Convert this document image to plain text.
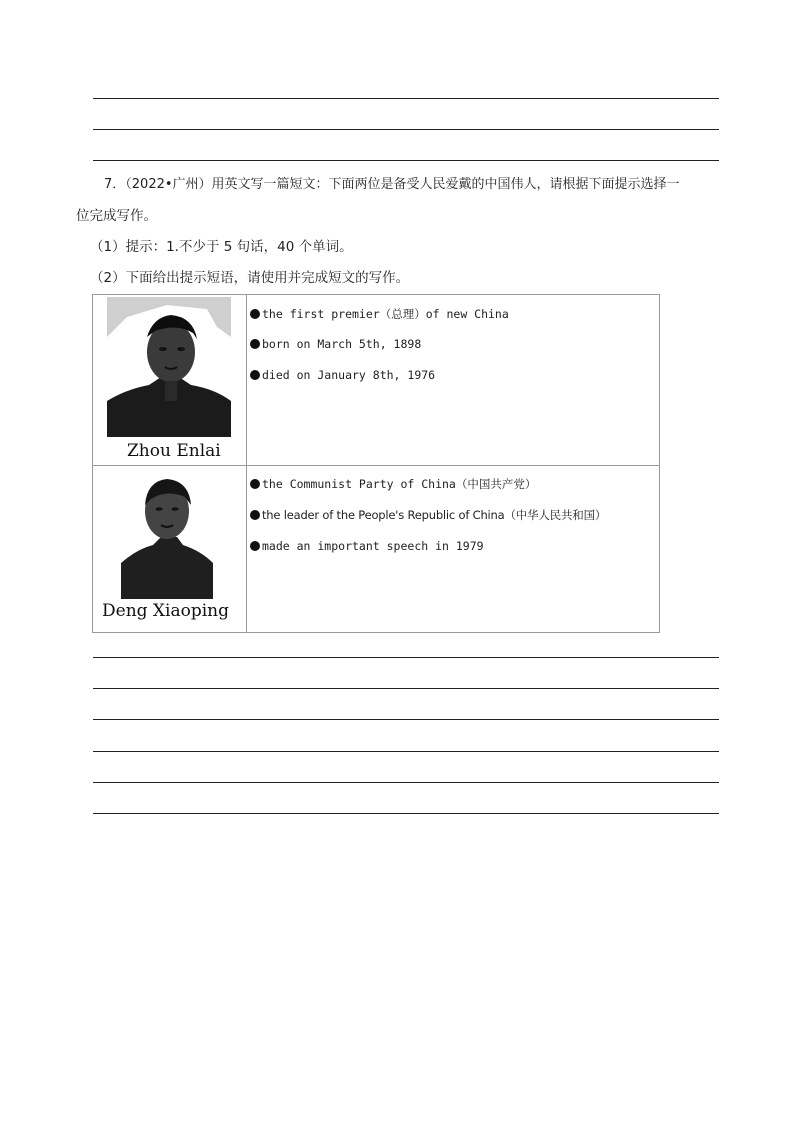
7．（2022•广州）用英文写一篇短文：下面两位是备受人民爱戴的中国伟人，请根据下面提示选择一
位完成写作。
（1）提示：1.不少于 5 句话，40 个单词。
（2）下面给出提示短语，请使用并完成短文的写作。
Zhou Enlai
the first premier（总理）of new China
born on March 5th, 1898
died on January 8th, 1976
Deng Xiaoping
the Communist Party of China（中国共产党）
the leader of the People's Republic of China（中华人民共和国）
made an important speech in 1979
